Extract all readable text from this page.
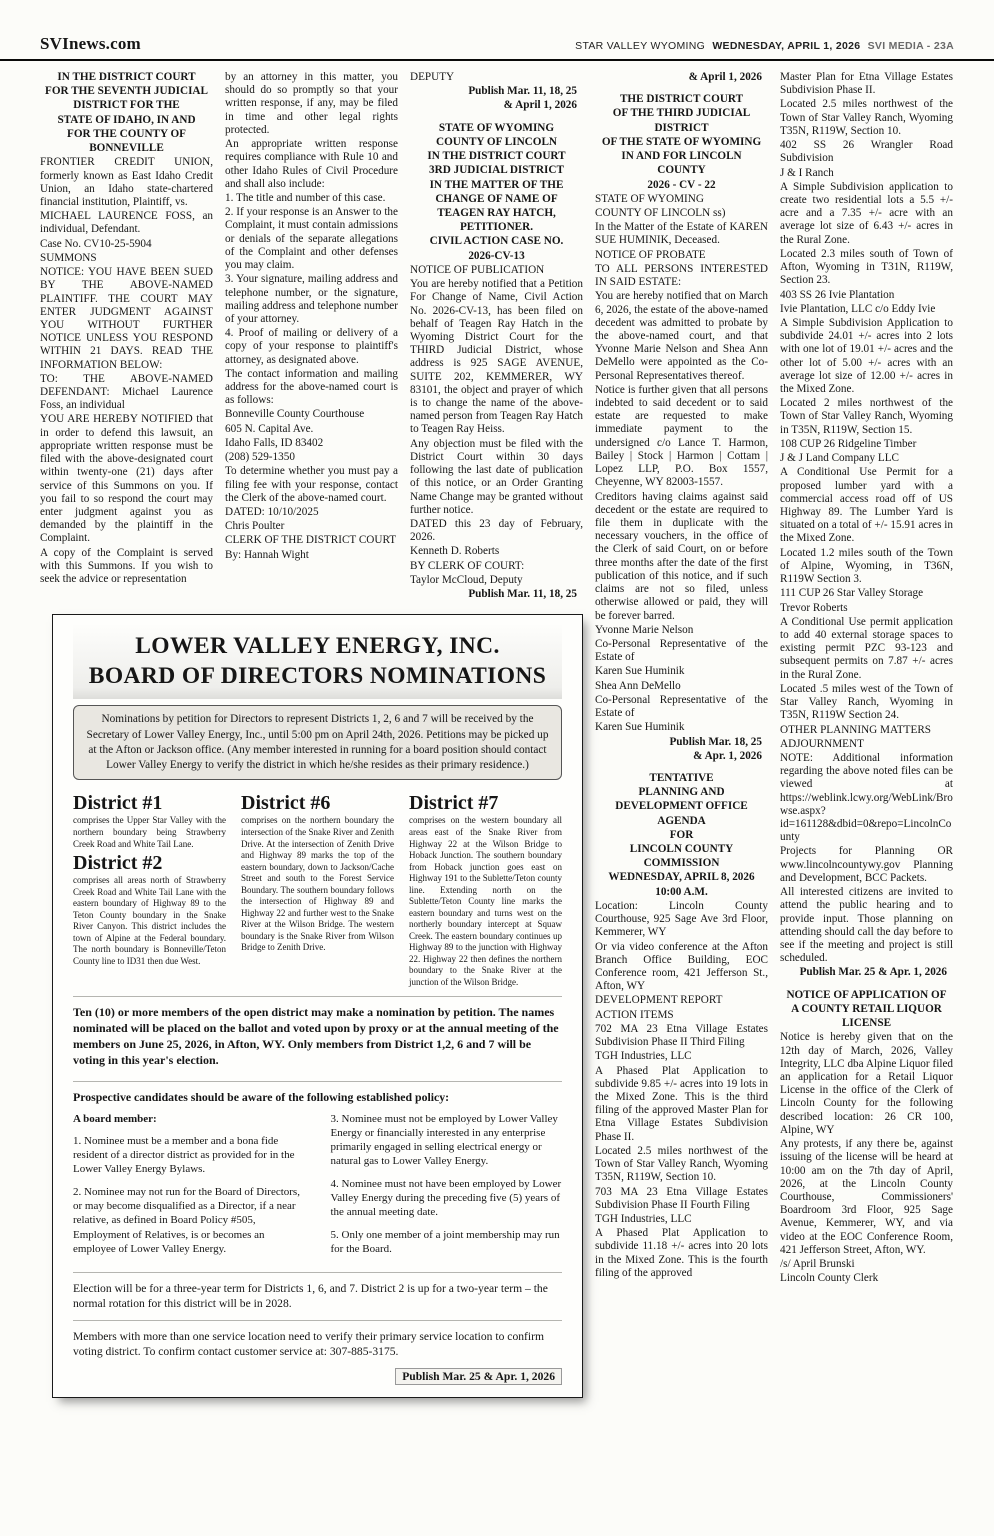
SVInews.com	STAR VALLEY WYOMING WEDNESDAY, APRIL 1, 2026 SVI MEDIA - 23A

IN THE DISTRICT COURT

FOR THE SEVENTH JUDICIAL

DISTRICT FOR THE

STATE OF IDAHO, IN AND

FOR THE COUNTY OF

BONNEVILLE

FRONTIER CREDIT UNION, formerly known as East Idaho Credit Union, an Idaho state-chartered financial institution, Plaintiff, vs.

MICHAEL LAURENCE FOSS, an individual, Defendant.

Case No. CV10-25-5904

SUMMONS

NOTICE: YOU HAVE BEEN SUED BY THE ABOVE-NAMED PLAINTIFF. THE COURT MAY ENTER JUDGMENT AGAINST YOU WITHOUT FURTHER NOTICE UNLESS YOU RESPOND WITHIN 21 DAYS. READ THE INFORMATION BELOW:

TO: THE ABOVE-NAMED DEFENDANT: Michael Laurence Foss, an individual

YOU ARE HEREBY NOTIFIED that in order to defend this lawsuit, an appropriate written response must be filed with the above-designated court within twenty-one (21) days after service of this Summons on you. If you fail to so respond the court may enter judgment against you as demanded by the plaintiff in the Complaint.

A copy of the Complaint is served with this Summons. If you wish to seek the advice or representation

by an attorney in this matter, you should do so promptly so that your written response, if any, may be filed in time and other legal rights protected.

An appropriate written response requires compliance with Rule 10 and other Idaho Rules of Civil Procedure and shall also include:

1. The title and number of this case.

2. If your response is an Answer to the Complaint, it must contain admissions or denials of the separate allegations of the Complaint and other defenses you may claim.

3. Your signature, mailing address and telephone number, or the signature, mailing address and telephone number of your attorney.

4. Proof of mailing or delivery of a copy of your response to plaintiff's attorney, as designated above.

The contact information and mailing address for the above-named court is as follows:

Bonneville County Courthouse

605 N. Capital Ave.

Idaho Falls, ID 83402

(208) 529-1350

To determine whether you must pay a filing fee with your response, contact the Clerk of the above-named court.

DATED: 10/10/2025

Chris Poulter

CLERK OF THE DISTRICT COURT

By: Hannah Wight

DEPUTY

Publish Mar. 11, 18, 25

& April 1, 2026

STATE OF WYOMING

COUNTY OF LINCOLN

IN THE DISTRICT COURT

3RD JUDICIAL DISTRICT

IN THE MATTER OF THE

CHANGE OF NAME OF

TEAGEN RAY HATCH,

PETITIONER.

CIVIL ACTION CASE NO.

2026-CV-13

NOTICE OF PUBLICATION

You are hereby notified that a Petition For Change of Name, Civil Action No. 2026-CV-13, has been filed on behalf of Teagen Ray Hatch in the Wyoming District Court for the THIRD Judicial District, whose address is 925 SAGE AVENUE, SUITE 202, KEMMERER, WY 83101, the object and prayer of which is to change the name of the above-named person from Teagen Ray Hatch to Teagen Ray Heiss.

Any objection must be filed with the District Court within 30 days following the last date of publication of this notice, or an Order Granting Name Change may be granted without further notice.

DATED this 23 day of February, 2026.

Kenneth D. Roberts

BY CLERK OF COURT:

Taylor McCloud, Deputy

Publish Mar. 11, 18, 25

LOWER VALLEY ENERGY, INC.
BOARD OF DIRECTORS NOMINATIONS
Nominations by petition for Directors to represent Districts 1, 2, 6 and 7 will be received by the Secretary of Lower Valley Energy, Inc., until 5:00 pm on April 24th, 2026. Petitions may be picked up at the Afton or Jackson office. (Any member interested in running for a board position should contact Lower Valley Energy to verify the district in which he/she resides as their primary residence.)
District #1

comprises the Upper Star Valley with the northern boundary being Strawberry Creek Road and White Tail Lane.

District #2

comprises all areas north of Strawberry Creek Road and White Tail Lane with the eastern boundary of Highway 89 to the Teton County boundary in the Snake River Canyon. This district includes the town of Alpine at the Federal boundary. The north boundary is Bonneville/Teton County line to ID31 then due West.

District #6

comprises on the northern boundary the intersection of the Snake River and Zenith Drive. At the intersection of Zenith Drive and Highway 89 marks the top of the eastern boundary, down to Jackson/Cache Street and south to the Forest Service Boundary. The southern boundary follows the intersection of Highway 89 and Highway 22 and further west to the Snake River at the Wilson Bridge. The western boundary is the Snake River from Wilson Bridge to Zenith Drive.

District #7

comprises on the western boundary all areas east of the Snake River from Highway 22 at the Wilson Bridge to Hoback Junction. The southern boundary from Hoback junction goes east on Highway 191 to the Sublette/Teton county line. Extending north on the Sublette/Teton County line marks the eastern boundary and turns west on the northerly boundary intercept at Squaw Creek. The eastern boundary continues up Highway 89 to the junction with Highway 22. Highway 22 then defines the northern boundary to the Snake River at the junction of the Wilson Bridge.

Ten (10) or more members of the open district may make a nomination by petition. The names nominated will be placed on the ballot and voted upon by proxy or at the annual meeting of the members on June 25, 2026, in Afton, WY. Only members from District 1,2, 6 and 7 will be voting in this year's election.

Prospective candidates should be aware of the following established policy:

A board member:

1. Nominee must be a member and a bona fide resident of a director district as provided for in the Lower Valley Energy Bylaws.

2. Nominee may not run for the Board of Directors, or may become disqualified as a Director, if a near relative, as defined in Board Policy #505, Employment of Relatives, is or becomes an employee of Lower Valley Energy.

3. Nominee must not be employed by Lower Valley Energy or financially interested in any enterprise primarily engaged in selling electrical energy or natural gas to Lower Valley Energy.

4. Nominee must not have been employed by Lower Valley Energy during the preceding five (5) years of the annual meeting date.

5. Only one member of a joint membership may run for the Board.

Election will be for a three-year term for Districts 1, 6, and 7. District 2 is up for a two-year term – the normal rotation for this district will be in 2028.

Members with more than one service location need to verify their primary service location to confirm voting district. To confirm contact customer service at: 307-885-3175.

Publish Mar. 25 & Apr. 1, 2026

& April 1, 2026

THE DISTRICT COURT

OF THE THIRD JUDICIAL

DISTRICT

OF THE STATE OF WYOMING

IN AND FOR LINCOLN

COUNTY

2026 - CV - 22

STATE OF WYOMING

COUNTY OF LINCOLN ss)

In the Matter of the Estate of KAREN SUE HUMINIK, Deceased.

NOTICE OF PROBATE

TO ALL PERSONS INTERESTED IN SAID ESTATE:

You are hereby notified that on March 6, 2026, the estate of the above-named decedent was admitted to probate by the above-named court, and that Yvonne Marie Nelson and Shea Ann DeMello were appointed as the Co-Personal Representatives thereof.

Notice is further given that all persons indebted to said decedent or to said estate are requested to make immediate payment to the undersigned c/o Lance T. Harmon, Bailey | Stock | Harmon | Cottam | Lopez LLP, P.O. Box 1557, Cheyenne, WY 82003-1557.

Creditors having claims against said decedent or the estate are required to file them in duplicate with the necessary vouchers, in the office of the Clerk of said Court, on or before three months after the date of the first publication of this notice, and if such claims are not so filed, unless otherwise allowed or paid, they will be forever barred.

Yvonne Marie Nelson

Co-Personal Representative of the Estate of

Karen Sue Huminik

Shea Ann DeMello

Co-Personal Representative of the Estate of

Karen Sue Huminik

Publish Mar. 18, 25

& Apr. 1, 2026

TENTATIVE

PLANNING AND

DEVELOPMENT OFFICE

AGENDA

FOR

LINCOLN COUNTY

COMMISSION

WEDNESDAY, APRIL 8, 2026

10:00 A.M.

Location: Lincoln County Courthouse, 925 Sage Ave 3rd Floor, Kemmerer, WY

Or via video conference at the Afton Branch Office Building, EOC Conference room, 421 Jefferson St., Afton, WY

DEVELOPMENT REPORT

ACTION ITEMS

702 MA 23 Etna Village Estates Subdivision Phase II Third Filing

TGH Industries, LLC

A Phased Plat Application to subdivide 9.85 +/- acres into 19 lots in the Mixed Zone. This is the third filing of the approved Master Plan for Etna Village Estates Subdivision Phase II.

Located 2.5 miles northwest of the Town of Star Valley Ranch, Wyoming T35N, R119W, Section 10.

703 MA 23 Etna Village Estates Subdivision Phase II Fourth Filing

TGH Industries, LLC

A Phased Plat Application to subdivide 11.18 +/- acres into 20 lots in the Mixed Zone. This is the fourth filing of the approved

Master Plan for Etna Village Estates Subdivision Phase II.

Located 2.5 miles northwest of the Town of Star Valley Ranch, Wyoming T35N, R119W, Section 10.

402 SS 26 Wrangler Road Subdivision

J & I Ranch

A Simple Subdivision application to create two residential lots a 5.5 +/- acre and a 7.35 +/- acre with an average lot size of 6.43 +/- acres in the Rural Zone.

Located 2.3 miles south of Town of Afton, Wyoming in T31N, R119W, Section 23.

403 SS 26 Ivie Plantation

Ivie Plantation, LLC c/o Eddy Ivie

A Simple Subdivision Application to subdivide 24.01 +/- acres into 2 lots with one lot of 19.01 +/- acres and the other lot of 5.00 +/- acres with an average lot size of 12.00 +/- acres in the Mixed Zone.

Located 2 miles northwest of the Town of Star Valley Ranch, Wyoming in T35N, R119W, Section 15.

108 CUP 26 Ridgeline Timber

J & J Land Company LLC

A Conditional Use Permit for a proposed lumber yard with a commercial access road off of US Highway 89. The Lumber Yard is situated on a total of +/- 15.91 acres in the Mixed Zone.

Located 1.2 miles south of the Town of Alpine, Wyoming, in T36N, R119W Section 3.

111 CUP 26 Star Valley Storage

Trevor Roberts

A Conditional Use permit application to add 40 external storage spaces to existing permit PZC 93-123 and subsequent permits on 7.87 +/- acres in the Rural Zone.

Located .5 miles west of the Town of Star Valley Ranch, Wyoming in T35N, R119W Section 24.

OTHER PLANNING MATTERS

ADJOURNMENT

NOTE: Additional information regarding the above noted files can be viewed at https://weblink.lcwy.org/WebLink/Browse.aspx?id=161128&dbid=0&repo=LincolnCounty

Projects for Planning OR www.lincolncountywy.gov Planning and Development, BCC Packets.

All interested citizens are invited to attend the public hearing and to provide input. Those planning on attending should call the day before to see if the meeting and project is still scheduled.

Publish Mar. 25 & Apr. 1, 2026

NOTICE OF APPLICATION OF

A COUNTY RETAIL LIQUOR

LICENSE

Notice is hereby given that on the 12th day of March, 2026, Valley Integrity, LLC dba Alpine Liquor filed an application for a Retail Liquor License in the office of the Clerk of Lincoln County for the following described location: 26 CR 100, Alpine, WY

Any protests, if any there be, against issuing of the license will be heard at 10:00 am on the 7th day of April, 2026, at the Lincoln County Courthouse, Commissioners' Boardroom 3rd Floor, 925 Sage Avenue, Kemmerer, WY, and via video at the EOC Conference Room, 421 Jefferson Street, Afton, WY.

/s/ April Brunski

Lincoln County Clerk
